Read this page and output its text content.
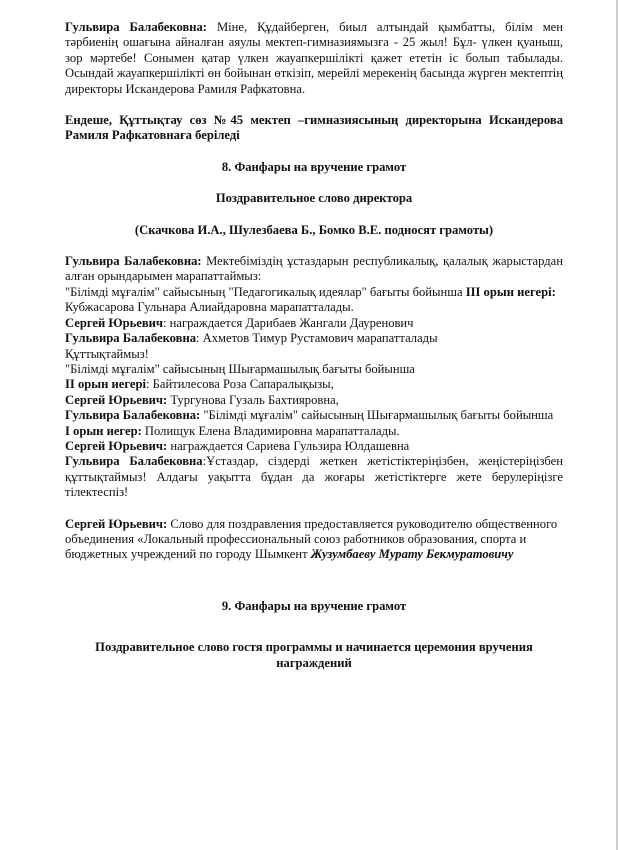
Гульвира Балабековна: Міне, Құдайберген, биыл алтындай қымбатты, білім мен тәрбиенің ошағына айналған аяулы мектеп-гимназиямызға - 25 жыл! Бұл- үлкен қуаныш, зор мәртебе! Сонымен қатар үлкен жауапкершілікті қажет ететін іс болып табылады. Осындай жауапкершілікті өн бойынан өткізіп, мерейлі мерекенің басында жүрген мектептің директоры Искандерова Рамиля Рафкатовна.

Ендеше, Құттықтау сөз №45 мектеп –гимназиясының директорына Искандерова Рамиля Рафкатовнаға беріледі

8. Фанфары на вручение грамот

Поздравительное слово директора

(Скачкова И.А., Шулезбаева Б., Бомко В.Е. подносят грамоты)

Гульвира Балабековна: Мектебіміздің ұстаздарын республикалық, қалалық жарыстардан алған орындарымен марапаттаймыз:

"Білімді мұғалім" сайысының "Педагогикалық идеялар" бағыты бойынша III орын иегері:

Кубжасарова Гульнара Алиайдаровна марапатталады.

Сергей Юрьевич: награждается Дарибаев Жангали Дауренович

Гульвира Балабековна: Ахметов Тимур Рустамович марапатталады

Құттықтаймыз!

"Білімді мұғалім" сайысының Шығармашылық бағыты бойынша

II орын иегері: Байтилесова Роза Сапаралықызы,

Сергей Юрьевич: Тургунова Гузаль Бахтияровна,

Гульвира Балабековна: "Білімді мұғалім" сайысының Шығармашылық бағыты бойынша

I орын иегер: Полищук Елена Владимировна марапатталады.

Сергей Юрьевич: награждается Сариева Гульзира Юлдашевна

Гульвира Балабековна:Ұстаздар, сіздерді жеткен жетістіктеріңізбен, жеңістеріңізбен құттықтаймыз! Алдағы уақытта бұдан да жоғары жетістіктерге жете берулеріңізге тілектеспіз!

Сергей Юрьевич: Слово для поздравления предоставляется руководителю общественного объединения «Локальный профессиональный союз работников образования, спорта и бюджетных учреждений по городу Шымкент Жузумбаеву Мурату Бекмуратовичу

9. Фанфары на вручение грамот

Поздравительное слово гостя программы и начинается церемония вручения награждений
